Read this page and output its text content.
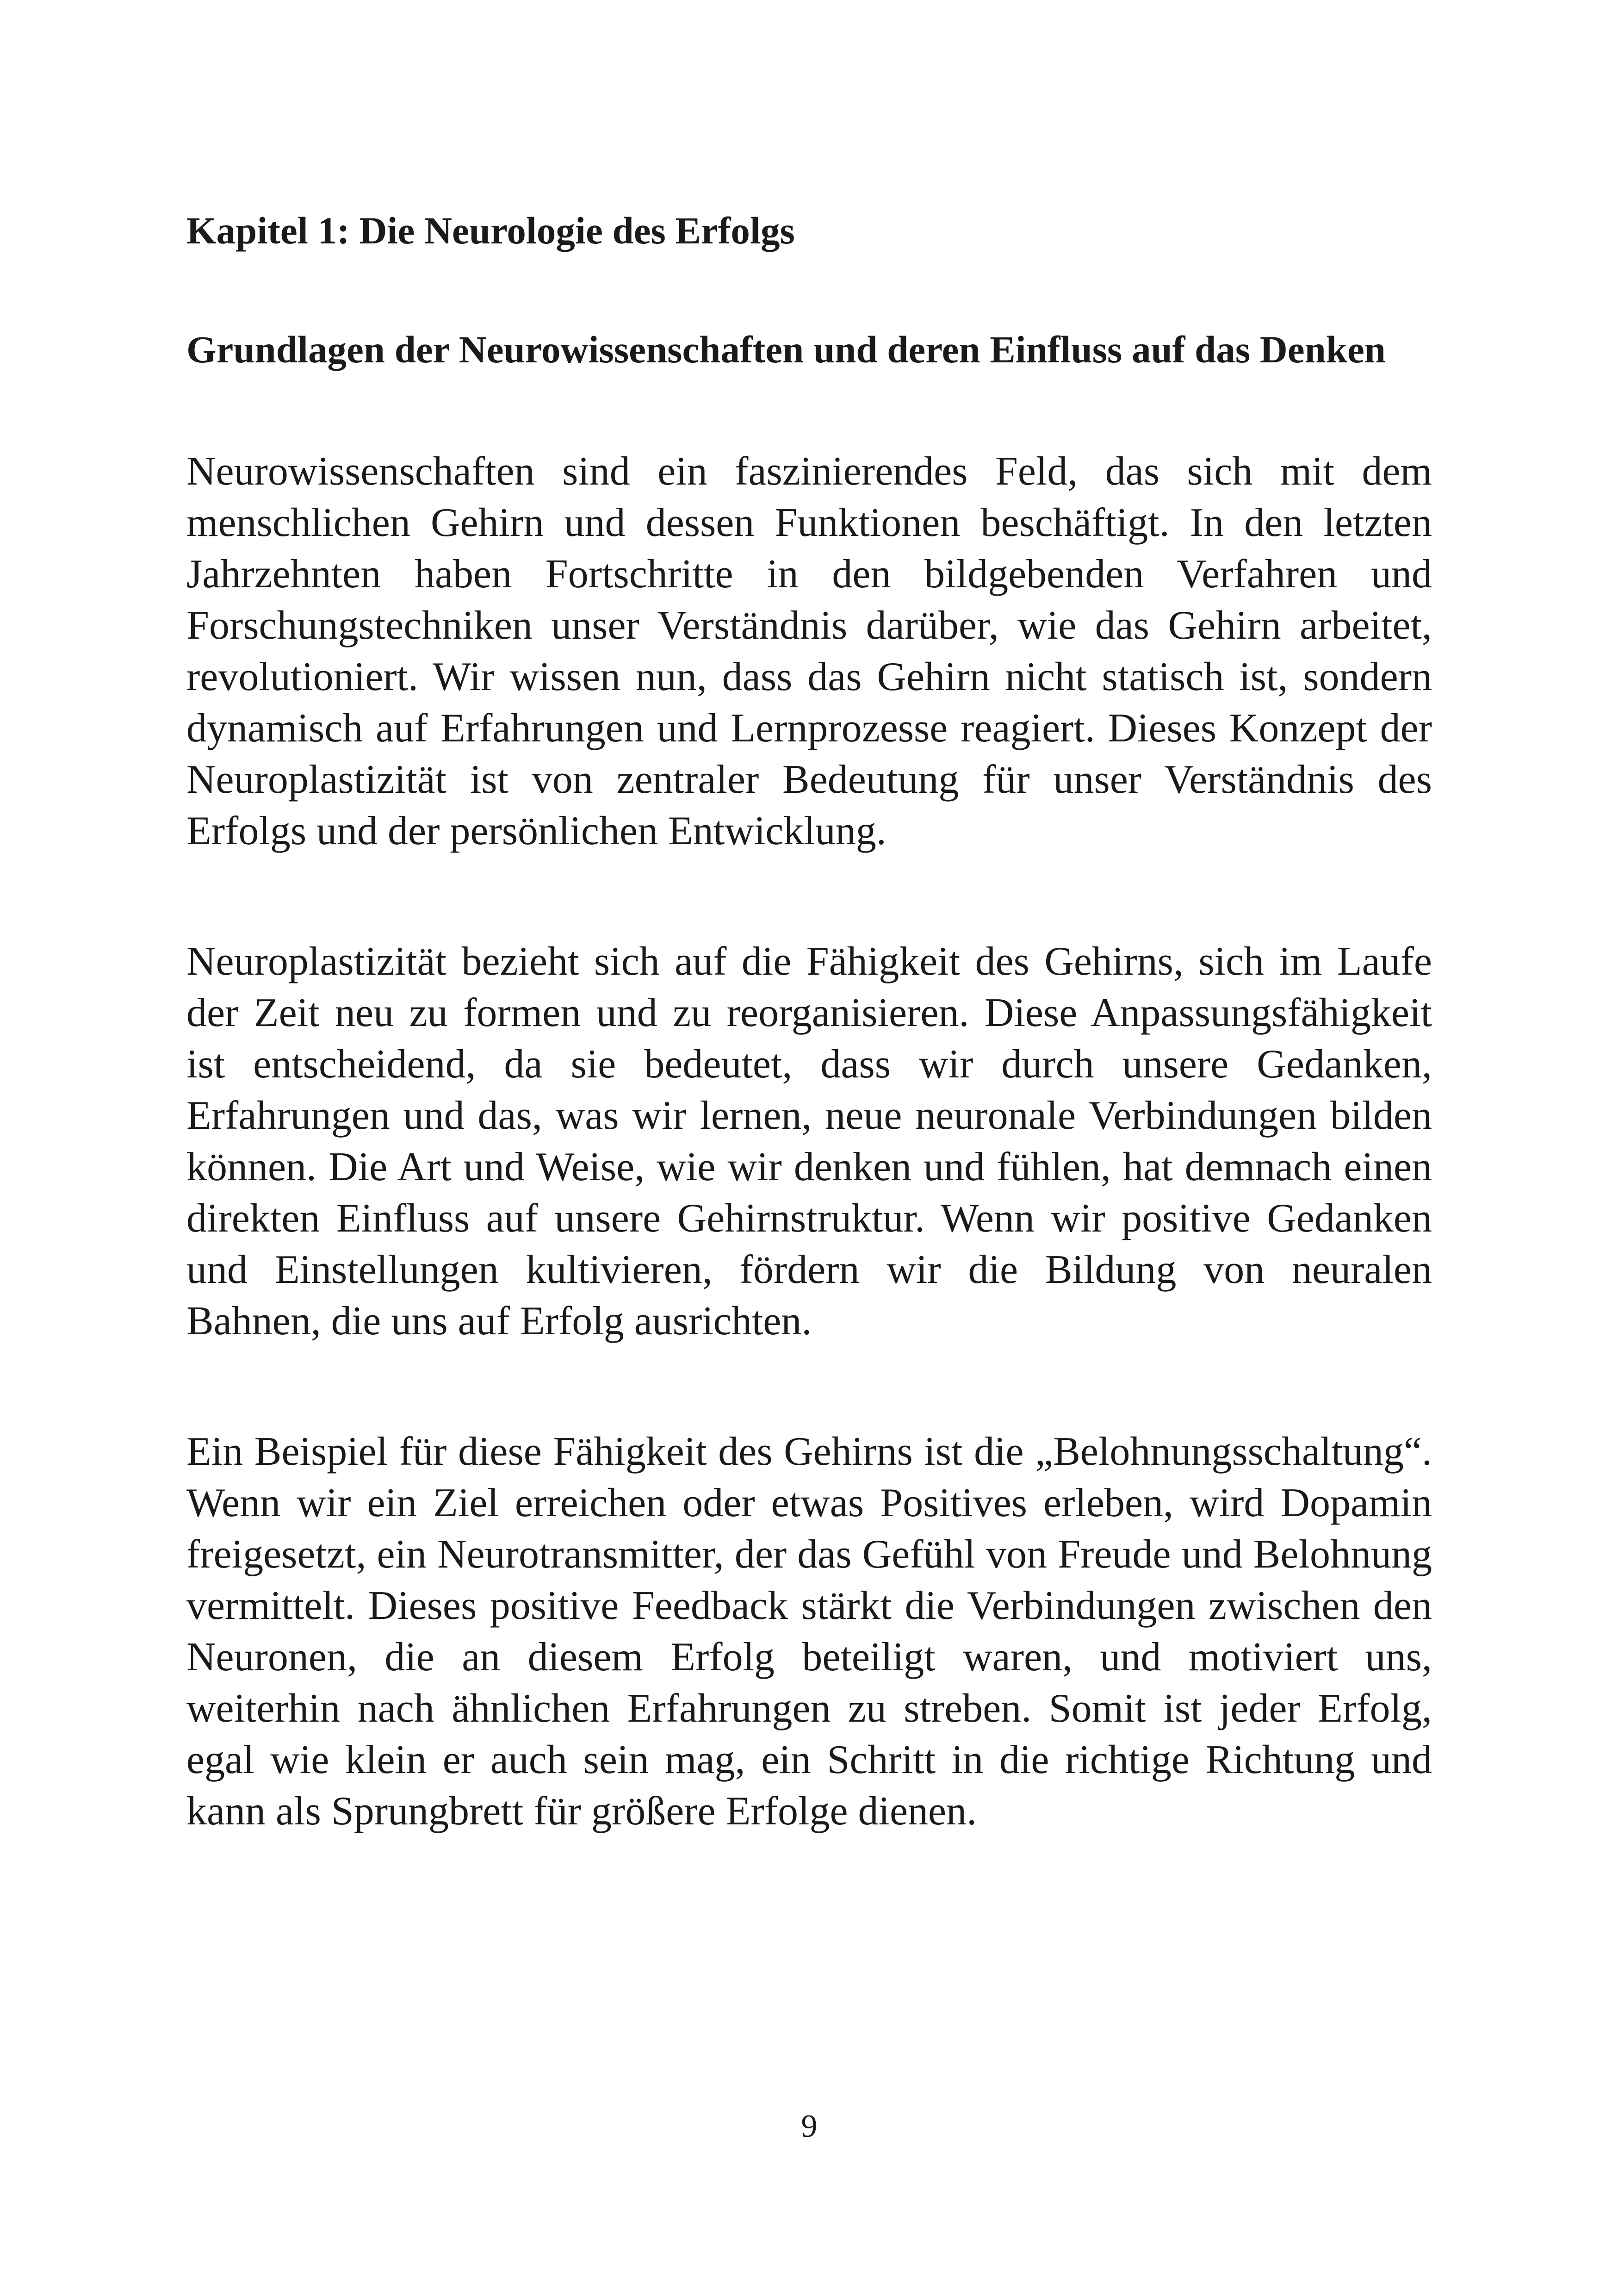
Kapitel 1: Die Neurologie des Erfolgs
Grundlagen der Neurowissenschaften und deren Einfluss auf das Denken

Neurowissenschaften sind ein faszinierendes Feld, das sich mit dem menschlichen Gehirn und dessen Funktionen beschäftigt. In den letzten Jahrzehnten haben Fortschritte in den bildgebenden Verfahren und Forschungstechniken unser Verständnis darüber, wie das Gehirn arbeitet, revolutioniert. Wir wissen nun, dass das Gehirn nicht statisch ist, sondern dynamisch auf Erfahrungen und Lernprozesse reagiert. Dieses Konzept der Neuroplastizität ist von zentraler Bedeutung für unser Verständnis des Erfolgs und der persönlichen Entwicklung.

Neuroplastizität bezieht sich auf die Fähigkeit des Gehirns, sich im Laufe der Zeit neu zu formen und zu reorganisieren. Diese Anpassungsfähigkeit ist entscheidend, da sie bedeutet, dass wir durch unsere Gedanken, Erfahrungen und das, was wir lernen, neue neuronale Verbindungen bilden können. Die Art und Weise, wie wir denken und fühlen, hat demnach einen direkten Einfluss auf unsere Gehirnstruktur. Wenn wir positive Gedanken und Einstellungen kultivieren, fördern wir die Bildung von neuralen Bahnen, die uns auf Erfolg ausrichten.

Ein Beispiel für diese Fähigkeit des Gehirns ist die „Belohnungsschaltung“. Wenn wir ein Ziel erreichen oder etwas Positives erleben, wird Dopamin freigesetzt, ein Neurotransmitter, der das Gefühl von Freude und Belohnung vermittelt. Dieses positive Feedback stärkt die Verbindungen zwischen den Neuronen, die an diesem Erfolg beteiligt waren, und motiviert uns, weiterhin nach ähnlichen Erfahrungen zu streben. Somit ist jeder Erfolg, egal wie klein er auch sein mag, ein Schritt in die richtige Richtung und kann als Sprungbrett für größere Erfolge dienen.

9
